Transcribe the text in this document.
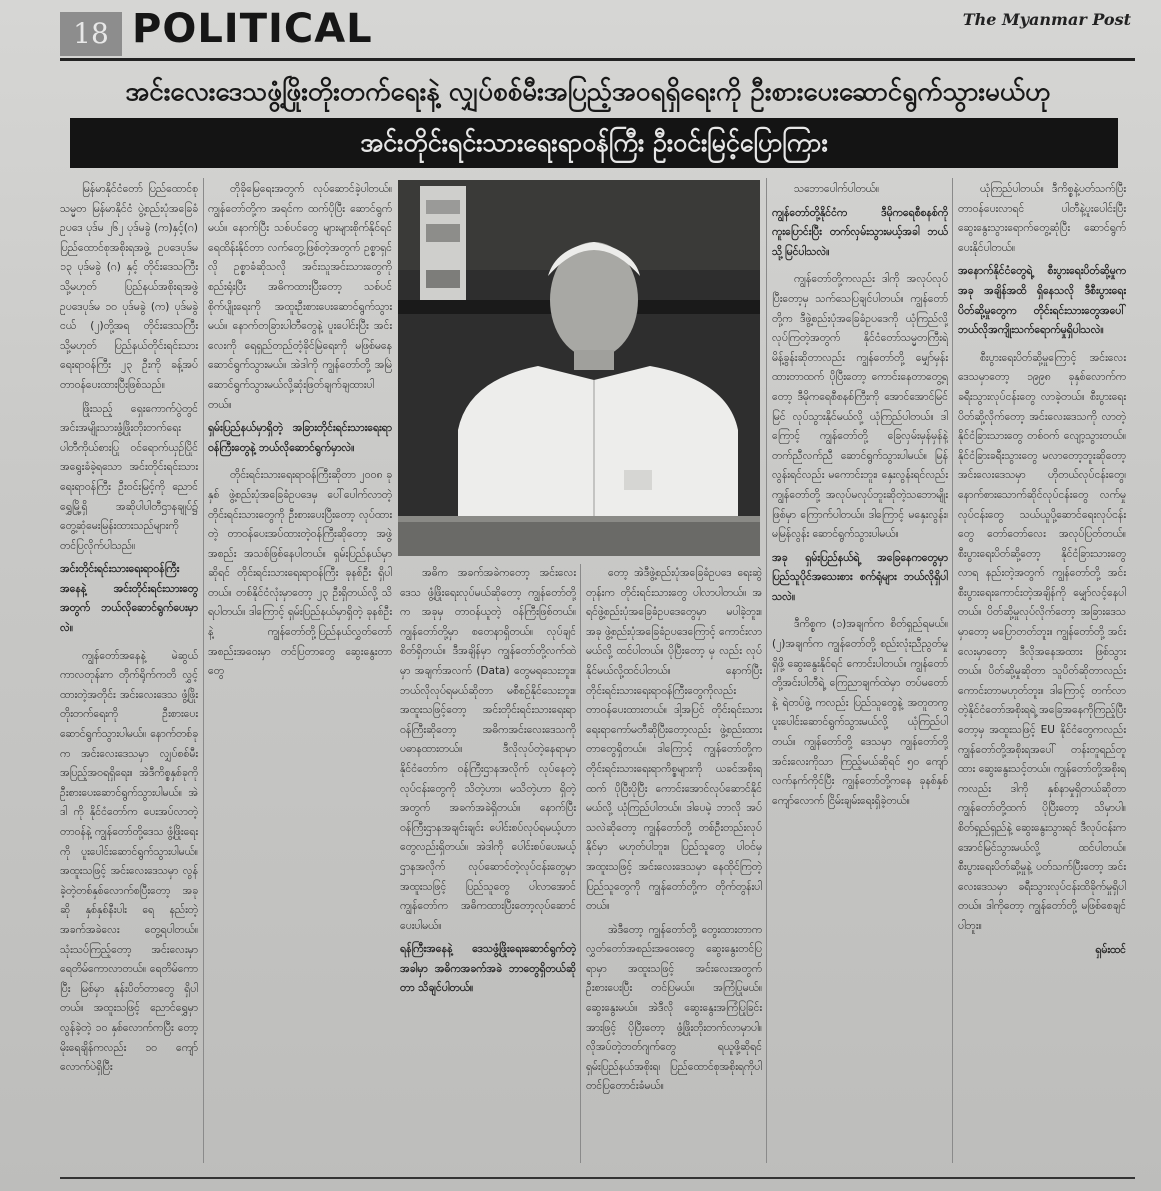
18 POLITICAL	The Myanmar Post
အင်းလေးဒေသဖွံ့ဖြိုးတိုးတက်ရေးနဲ့ လျှပ်စစ်မီးအပြည့်အဝရရှိရေးကို ဦးစားပေးဆောင်ရွက်သွားမယ်ဟု
အင်းတိုင်းရင်းသားရေးရာဝန်ကြီး ဦးဝင်းမြင့်ပြောကြား

မြန်မာနိုင်ငံတော် ပြည်ထောင်စုသမ္မတ မြန်မာနိုင်ငံ ပွဲ့စည်းပုံအခြေခံဥပဒေ ပုဒ်မ ၂၆၂ ပုဒ်မခွဲ (က)နှင့်(ဂ) ပြည်ထောင်စုအစိုးရအဖွဲ့ ဥပဒေပုဒ်မ ၁၃ ပုဒ်မခွဲ (ဂ) နှင့် တိုင်းဒေသကြီး သို့မဟုတ် ပြည်နယ်အစိုးရအဖွဲ့ ဥပဒေပုဒ်မ ၁၀ ပုဒ်မခွဲ (က) ပုဒ်မခွဲငယ် (၂)တို့အရ တိုင်းဒေသကြီး သို့မဟုတ် ပြည်နယ်တိုင်းရင်းသားရေးရာဝန်ကြီး ၂၃ ဦးကို ခန့်အပ်တာဝန်ပေးထားပြီးဖြစ်သည်။

ဖြိုးသည့် ရှေးကောက်ပွဲတွင် အင်းအမျိုးသားဖွံ့ဖြိုးတိုးတက်ရေး ပါတီကိုယ်စားပြု ဝင်ရောက်ယှဉ်ပြိုင်အရွေးခံခဲ့ရသော အင်းတိုင်းရင်းသားရေးရာဝန်ကြီး ဦးဝင်းမြင့်ကို ညောင်ရွှေမြို့ရှိ အဆိုပါပါတီဌာနချုပ်၌ တွေ့ဆုံမေးမြန်းထားသည်များကို တင်ပြလိုက်ပါသည်။

အင်းတိုင်းရင်းသားရေးရာဝန်ကြီးအနေနဲ့ အင်းတိုင်းရင်းသားတွေအတွက် ဘယ်လိုဆောင်ရွက်ပေးမှာလဲ။

ကျွန်တော်အနေနဲ့ မဲဆွယ်ကာလတုန်းက တိုက်ရိုက်ကတိ လွှင့်ထားတဲ့အတိုင်း အင်းလေးဒေသ ဖွံ့ဖြိုးတိုးတက်ရေးကို ဦးစားပေးဆောင်ရွက်သွားပါမယ်။ နောက်တစ်ခုက အင်းလေးဒေသမှာ လျှပ်စစ်မီးအပြည့်အဝရရှိရေး။ အဲဒီကိစ္စနှစ်ခုကို ဦးစားပေးဆောင်ရွက်သွားပါမယ်။ အဲဒါ ကို နိုင်ငံတော်က ပေးအပ်လာတဲ့ တာဝန်နဲ့ ကျွန်တော်တို့ဒေသ ဖွံ့ဖြိုးရေးကို ပူးပေါင်းဆောင်ရွက်သွားပါမယ်။ အထူးသဖြင့် အင်းလေးဒေသမှာ လွန်ခဲ့တဲ့တစ်နှစ်လောက်စပြီးတော့ အခုဆို နှစ်နှစ်နီးပါး ရေ နည်းတဲ့ အခက်အခဲလေး တွေ့ရပါတယ်။ သုံးသပ်ကြည့်တော့ အင်းလေးမှာ ရေတိမ်ကောလာတယ်။ ရေတိမ်ကောပြီး မြစ်မှာ နုန်းပိတ်တာတွေ ရှိပါတယ်။ အထူးသဖြင့် ညောင်ရွှေမှာ လွန်ခဲ့တဲ့ ၁၀ နှစ်လောက်ကပြီး တော့ မိုးရေချိန်ကလည်း ၁၀ ကျော် လောက်ပဲရှိပြီး

တိုခိုမြေရေးအတွက် လုပ်ဆောင်ခဲ့ပါတယ်။ ကျွန်တော်တို့က အရင်က ထက်ပိုပြီး ဆောင်ရွက်မယ်။ နောက်ပြီး သစ်ပင်တွေ များများစိုက်နိုင်ရင် ရေထိန်းနိုင်တာ လက်တွေ့ဖြစ်တဲ့အတွက် ဥစ္စာရှင်လို ဥစ္စာခံဆိုသလို အင်းသူအင်းသားတွေကို စည်းရုံးပြီး အဓိကထားပြီးတော့ သစ်ပင်စိုက်ပျိုးရေးကို အထူးဦးစားပေးဆောင်ရွက်သွားမယ်။ နောက်တခြားပါတီတွေနဲ့ ပူးပေါင်းပြီး အင်းလေးကို ရေရှည်တည်တံ့ခိုင်မြဲရေးကို မဖြစ်မနေ ဆောင်ရွက်သွားမယ်။ အဲဒါကို ကျွန်တော်တို့ အမြဲဆောင်ရွက်သွားမယ်လို့ဆုံးဖြတ်ချက်ချထားပါတယ်။

ရှမ်းပြည်နယ်မှာရှိတဲ့ အခြားတိုင်းရင်းသားရေးရာဝန်ကြီးတွေနဲ့ ဘယ်လိုဆောင်ရွက်မှာလဲ။

တိုင်းရင်းသားရေးရာဝန်ကြီးဆိုတာ ၂၀၀၈ ခုနှစ် ဖွဲ့စည်းပုံအခြေခံဥပဒေမှ ပေါ်ပေါက်လာတဲ့ တိုင်းရင်းသားတွေကို ဦးစားပေးပြီးတော့ လုပ်ထားတဲ့ တာဝန်ပေးအပ်ထားတဲ့ဝန်ကြီးဆိုတော့ အဖွဲ့အစည်း အသစ်ဖြစ်နေပါတယ်။ ရှမ်းပြည်နယ်မှာဆိုရင် တိုင်းရင်းသားရေးရာဝန်ကြီး ခုနစ်ဦး ရှိပါတယ်။ တစ်နိုင်ငံလုံးမှာတော့ ၂၃ ဦးရှိတယ်လို့ သိရပါတယ်။ ဒါကြောင့် ရှမ်းပြည်နယ်မှာရှိတဲ့ ခုနစ်ဦးနဲ့ ကျွန်တော်တို့ပြည်နယ်လွှတ်တော်အစည်းအဝေးမှာ တင်ပြတာတွေ ဆွေးနွေးတာတွေ

အဓိက အခက်အခဲကတော့ အင်းလေးဒေသ ဖွံ့ဖြိုးရေးလုပ်မယ်ဆိုတော့ ကျွန်တော်တို့က အခုမှ တာဝန်ယူတဲ့ ဝန်ကြီးဖြစ်တယ်။ ကျွန်တော်တို့မှာ စတေနာရှိတယ်။ လုပ်ချင်စိတ်ရှိတယ်။ ဒီအချိန်မှာ ကျွန်တော်တို့လက်ထဲမှာ အချက်အလက် (Data) တွေမရသေးဘူး။ ဘယ်လိုလုပ်ရမယ်ဆိုတာ မစီစဉ်နိုင်သေးဘူး။ အထူးသဖြင့်တော့ အင်းတိုင်းရင်းသားရေးရာဝန်ကြီးဆိုတော့ အဓိကအင်းလေးဒေသကို ပဓာနထားတယ်။ ဒီလိုလုပ်တဲ့နေရာမှာ နိုင်ငံတော်က ဝန်ကြီးဌာနအလိုက် လုပ်နေတဲ့လုပ်ငန်းတွေကို သိတဲ့ဟာ၊ မသိတဲ့ဟာ ရှိတဲ့အတွက် အခက်အခဲရှိတယ်။ နောက်ပြီး ဝန်ကြီးဌာနအချင်းချင်း ပေါင်းစပ်လုပ်ရမယ့်ဟာတွေလည်းရှိတယ်။ အဲဒါကို ပေါင်းစပ်ပေးမယ့် ဌာနအလိုက် လုပ်ဆောင်တဲ့လုပ်ငန်းတွေမှာ အထူးသဖြင့် ပြည်သူတွေ ပါလာအောင် ကျွန်တော်က အဓိကထားပြီးတော့လုပ်ဆောင်ပေးပါမယ်။

ရန်ကြီးအနေနဲ့ ဒေသဖွံ့ဖြိုးရေးဆောင်ရွက်တဲ့ အခါမှာ အဓိကအခက်အခဲ ဘာတွေရှိတယ်ဆိုတာ သိချင်ပါတယ်။

တော့ အဲဒီဖွဲ့စည်းပုံအခြေခံဥပဒေ ရေးဆွဲတုန်းက တိုင်းရင်းသားတွေ ပါလာပါတယ်။ အရင်ဖွဲ့စည်းပုံအခြေခံဥပဒေတွေမှာ မပါခဲ့ဘူး။ အခု ဖွဲ့စည်းပုံအခြေခံဥပဒေကြောင့် ကောင်းလာမယ်လို့ ထင်ပါတယ်။ ပိုပြီးတော့ မှ လည်း လုပ်နိုင်မယ်လို့ထင်ပါတယ်။ နောက်ပြီး တိုင်းရင်းသားရေးရာဝန်ကြီးတွေကိုလည်း တာဝန်ပေးထားတယ်။ ဒါ့အပြင် တိုင်းရင်းသားရေးရာကော်မတီဆိုပြီးတော့လည်း ဖွဲ့စည်းထားတာတွေရှိတယ်။ ဒါကြောင့် ကျွန်တော်တို့က တိုင်းရင်းသားရေးရာကိစ္စများကို ယခင်အစိုးရထက် ပိုပြီးပိုပြီး ကောင်းအောင်လုပ်ဆောင်နိုင်မယ်လို့ ယုံကြည်ပါတယ်။ ဒါပေမဲ့ ဘာလို အပ်သလဲဆိုတော့ ကျွန်တော်တို့ တစ်ဦးတည်းလုပ်နိုင်မှာ မဟုတ်ပါဘူး။ ပြည်သူတွေ ပါဝင်မှ အထူးသဖြင့် အင်းလေးဒေသမှာ နေထိုင်ကြတဲ့ ပြည်သူတွေကို ကျွန်တော်တို့က တိုက်တွန်းပါတယ်။

အဲဒီတော့ ကျွန်တော်တို့ တွေးထားတာက လွှတ်တော်အစည်းအဝေးတွေ ဆွေးနွေးတင်ပြရာမှာ အထူးသဖြင့် အင်းလေးအတွက် ဦးစားပေးပြီး တင်ပြမယ်။ အကြံပြုမယ်။ ဆွေးနွေးမယ်။ အဲဒီလို ဆွေးနွေးအကြံပြုခြင်းအားဖြင့် ပိုပြီးတော့ ဖွံ့ဖြိုးတိုးတက်လာမှာပါ။ လိုအပ်တဲ့ဘတ်ဂျက်တွေ ရယူဖို့ဆိုရင် ရှမ်းပြည်နယ်အစိုးရ၊ ပြည်ထောင်စုအစိုးရကိုပါ တင်ပြတောင်းခံမယ်။

သဘောပေါက်ပါတယ်။

ကျွန်တော်တို့နိုင်ငံက ဒီမိုကရေစီစနစ်ကို ကူးပြောင်းပြီး တက်လှမ်းသွားမယ့်အခါ ဘယ်သို့မြင်ပါသလဲ။

ကျွန်တော်တို့ကလည်း ဒါကို အလုပ်လုပ်ပြီးတော့မှ သက်သေပြချင်ပါတယ်။ ကျွန်တော်တို့က ဒီဖွဲ့စည်းပုံအခြေခံဥပဒေကို ယုံကြည်လို့ လုပ်ကြတဲ့အတွက် နိုင်ငံတော်သမ္မတကြီးရဲ့ မိန့်ခွန်းဆိုတာလည်း ကျွန်တော်တို့ မျှော်မှန်းထားတာထက် ပိုပြီးတော့ ကောင်းနေတာတွေ့ရတော့ ဒီမိုကရေစီစနစ်ကြီးကို အောင်အောင်မြင်မြင် လုပ်သွားနိုင်မယ်လို့ ယုံကြည်ပါတယ်။ ဒါကြောင့် ကျွန်တော်တို့ ခြေလှမ်းမှန်မှန်နဲ့ တက်ညီလက်ညီ ဆောင်ရွက်သွားပါမယ်။ မြန်လွန်းရင်လည်း မကောင်းဘူး၊ နှေးလွန်းရင်လည်း ကျွန်တော်တို့ အလုပ်မလုပ်ဘူးဆိုတဲ့သဘောမျိုးဖြစ်မှာ ကြောက်ပါတယ်။ ဒါကြောင့် မနှေးလွန်း၊ မမြန်လွန်း ဆောင်ရွက်သွားပါမယ်။

အခု ရှမ်းပြည်နယ်ရဲ့ အခြေနေကတွေမှာ ပြည်သူပိုင်အသေးစား စက်ရုံများ ဘယ်လိုရှိပါသလဲ။

ဒီကိစ္စက (၁)အချက်က စိတ်ရှည်ရမယ်။ (၂)အချက်က ကျွန်တော်တို့ စည်းလုံးညီညွတ်မှုရှိဖို့ ဆွေးနွေးနိုင်ရင် ကောင်းပါတယ်။ ကျွန်တော်တို့အင်းပါတီရဲ့ ကြေညာချက်ထဲမှာ တပ်မတော်နဲ့ ရဲတပ်ဖွဲ့ ကလည်း ပြည်သူတွေနဲ့ အတူတကွ ပူးပေါင်းဆောင်ရွက်သွားမယ်လို့ ယုံကြည်ပါတယ်။ ကျွန်တော်တို့ ဒေသမှာ ကျွန်တော်တို့ အင်းလေးကိုသာ ကြည့်မယ်ဆိုရင် ၅၀ ကျော် လက်နက်ကိုင်ပြီး ကျွန်တော်တို့ကနေ ခုနစ်နှစ်ကျော်လောက် ငြိမ်းချမ်းရေးရှိခဲ့တယ်။

ယုံကြည်ပါတယ်။ ဒီကိစ္စနဲ့ပတ်သက်ပြီး တာဝန်ပေးလာရင် ပါတီနဲ့ပူးပေါင်းပြီး ဆွေးနွေးသွားရောက်တွေ့ဆုံပြီး ဆောင်ရွက်ပေးနိုင်ပါတယ်။

အနောက်နိုင်ငံတွေရဲ့ စီးပွားရေးပိတ်ဆို့မှုက အခု အချိန်အထိ ရှိနေသလို ဒီစီးပွားရေးပိတ်ဆို့မှုတွေက တိုင်းရင်းသားတွေအပေါ် ဘယ်လိုအကျိုးသက်ရောက်မှုရှိပါသလဲ။

စီးပွားရေးပိတ်ဆို့မှုကြောင့် အင်းလေးဒေသမှာတော့ ၁၉၉၈ ခုနှစ်လောက်က ခရီးသွားလုပ်ငန်းတွေ လာခဲ့တယ်။ စီးပွားရေးပိတ်ဆို့လိုက်တော့ အင်းလေးဒေသကို လာတဲ့ နိုင်ငံခြားသားတွေ တစ်ဝက် လျော့သွားတယ်။ နိုင်ငံခြားခရီးသွားတွေ မလာတော့ဘူးဆိုတော့ အင်းလေးဒေသမှာ ဟိုတယ်လုပ်ငန်းတွေ၊ နောက်စားသောက်ဆိုင်လုပ်ငန်းတွေ လက်မှုလုပ်ငန်းတွေ သယ်ယူပို့ဆောင်ရေးလုပ်ငန်းတွေ တော်တော်လေး အလုပ်ပြတ်တယ်။ စီးပွားရေးပိတ်ဆို့တော့ နိုင်ငံခြားသားတွေ လာရ နည်းတဲ့အတွက် ကျွန်တော်တို့ အင်းစီးပွားရေးကောင်းတဲ့အချိန်ကို မျှော်လင့်နေပါတယ်။ ပိတ်ဆို့မှုလုပ်လိုက်တော့ အခြားဒေသမှာတော့ မပြောတတ်ဘူး။ ကျွန်တော်တို့ အင်းလေးမှာတော့ ဒီလိုအနေအထား ဖြစ်သွားတယ်။ ပိတ်ဆို့မှုဆိုတာ သူပိတ်ဆိုတာလည်း ကောင်းတာမဟုတ်ဘူး။ ဒါကြောင့် တက်လာတဲ့နိုင်ငံတော်အစိုးရရဲ့ အခြေအနေကိုကြည့်ပြီးတော့မှ အထူးသဖြင့် EU နိုင်ငံတွေကလည်း ကျွန်တော်တို့အစိုးရအပေါ် တန်းတူရည်တူထား ဆွေးနွေးသင့်တယ်။ ကျွန်တော်တို့အစိုးရကလည်း ဒါကို နှစ်နာမှုရှိတယ်ဆိုတာ ကျွန်တော်တို့ထက် ပိုပြီးတော့ သိမှာပါ။ စိတ်ရှည်ရှည်နဲ့ ဆွေးနွေးသွားရင် ဒီလုပ်ငန်းက အောင်မြင်သွားမယ်လို့ ထင်ပါတယ်။ စီးပွားရေးပိတ်ဆို့မှုနဲ့ ပတ်သက်ပြီးတော့ အင်းလေးဒေသမှာ ခရီးသွားလုပ်ငန်းထိခိုက်မှုရှိပါတယ်။ ဒါကိုတော့ ကျွန်တော်တို့ မဖြစ်စေချင်ပါဘူး။

ရှမ်းထင်
